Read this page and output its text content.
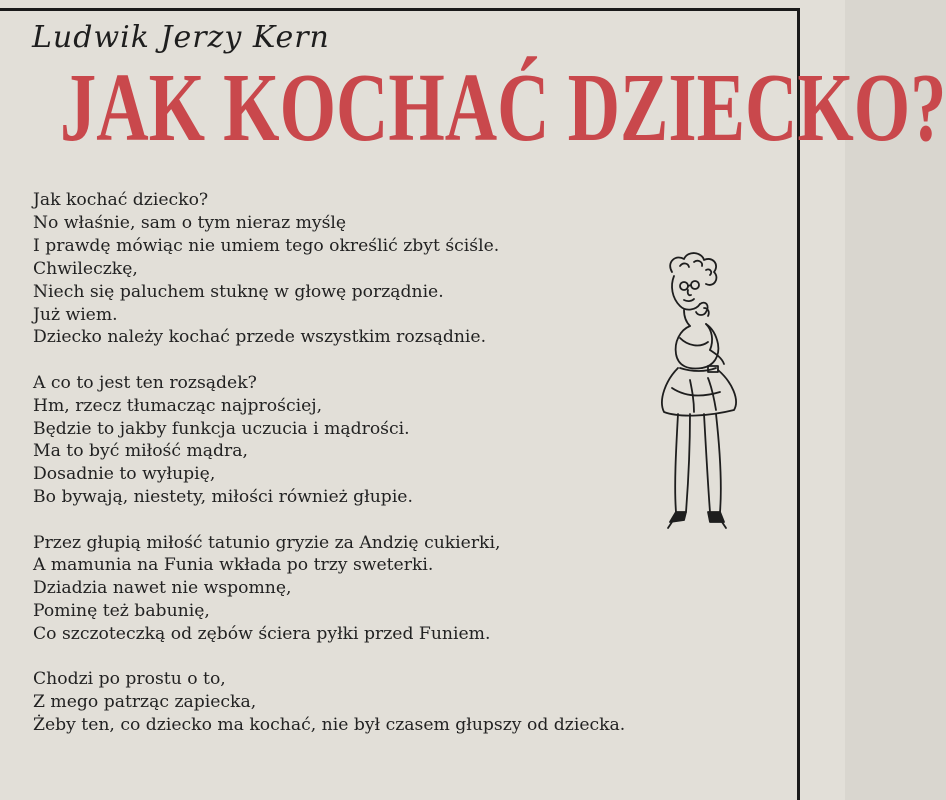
Ludwik Jerzy Kern
JAK KOCHAĆ DZIECKO?
Jak kochać dziecko?
No właśnie, sam o tym nieraz myślę
I prawdę mówiąc nie umiem tego określić zbyt ściśle.
Chwileczkę,
Niech się paluchem stuknę w głowę porządnie.
Już wiem.
Dziecko należy kochać przede wszystkim rozsądnie.
A co to jest ten rozsądek?
Hm, rzecz tłumacząc najprościej,
Będzie to jakby funkcja uczucia i mądrości.
Ma to być miłość mądra,
Dosadnie to wyłupię,
Bo bywają, niestety, miłości również głupie.
Przez głupią miłość tatunio gryzie za Andzię cukierki,
A mamunia na Funia wkłada po trzy sweterki.
Dziadzia nawet nie wspomnę,
Pominę też babunię,
Co szczoteczką od zębów ściera pyłki przed Funiem.
Chodzi po prostu o to,
Z mego patrząc zapiecka,
Żeby ten, co dziecko ma kochać, nie był czasem głupszy od dziecka.
